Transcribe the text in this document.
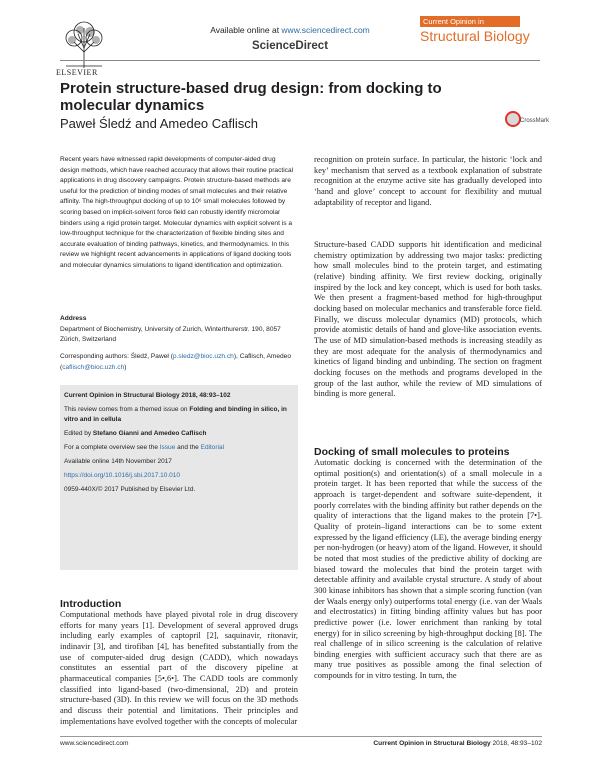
ELSEVIER
Available online at www.sciencedirect.com
ScienceDirect
Current Opinion in
Structural Biology
Protein structure-based drug design: from docking to molecular dynamics
Paweł Śledź and Amedeo Caflisch	CrossMark
Recent years have witnessed rapid developments of computer-aided drug design methods, which have reached accuracy that allows their routine practical applications in drug discovery campaigns. Protein structure-based methods are useful for the prediction of binding modes of small molecules and their relative affinity. The high-throughput docking of up to 10⁶ small molecules followed by scoring based on implicit-solvent force field can robustly identify micromolar binders using a rigid protein target. Molecular dynamics with explicit solvent is a low-throughput technique for the characterization of flexible binding sites and accurate evaluation of binding pathways, kinetics, and thermodynamics. In this review we highlight recent advancements in applications of ligand docking tools and molecular dynamics simulations to ligand identification and optimization.
Address
Department of Biochemistry, University of Zurich, Winterthurerstr. 190, 8057 Zürich, Switzerland
Corresponding authors: Śledź, Paweł (p.sledz@bioc.uzh.ch), Caflisch, Amedeo (caflisch@bioc.uzh.ch)
Current Opinion in Structural Biology 2018, 48:93–102
This review comes from a themed issue on Folding and binding in silico, in vitro and in cellula
Edited by Stefano Gianni and Amedeo Caflisch
For a complete overview see the Issue and the Editorial
Available online 14th November 2017
https://doi.org/10.1016/j.sbi.2017.10.010
0959-440X/© 2017 Published by Elsevier Ltd.
Introduction
Computational methods have played pivotal role in drug discovery efforts for many years [1]. Development of several approved drugs including early examples of captopril [2], saquinavir, ritonavir, indinavir [3], and tirofiban [4], has benefited substantially from the use of computer-aided drug design (CADD), which nowadays constitutes an essential part of the discovery pipeline at pharmaceutical companies [5•,6•]. The CADD tools are commonly classified into ligand-based (two-dimensional, 2D) and protein structure-based (3D). In this review we will focus on the 3D methods and discuss their potential and limitations. Their principles and implementations have evolved together with the concepts of molecular
recognition on protein surface. In particular, the historic ‘lock and key’ mechanism that served as a textbook explanation of substrate recognition at the enzyme active site has gradually developed into ‘hand and glove’ concept to account for flexibility and mutual adaptability of receptor and ligand.
Structure-based CADD supports hit identification and medicinal chemistry optimization by addressing two major tasks: predicting how small molecules bind to the protein target, and estimating (relative) binding affinity. We first review docking, originally inspired by the lock and key concept, which is used for both tasks. We then present a fragment-based method for high-throughput docking based on molecular mechanics and transferable force field. Finally, we discuss molecular dynamics (MD) protocols, which provide atomistic details of hand and glove-like association events. The use of MD simulation-based methods is increasing steadily as they are most adequate for the analysis of thermodynamics and kinetics of ligand binding and unbinding. The section on fragment docking focuses on the methods and programs developed in the group of the last author, while the review of MD simulations of binding is more general.
Docking of small molecules to proteins
Automatic docking is concerned with the determination of the optimal position(s) and orientation(s) of a small molecule in a protein target. It has been reported that while the success of the approach is target-dependent and software suite-dependent, it poorly correlates with the binding affinity but rather depends on the quality of interactions that the ligand makes to the protein [7•]. Quality of protein–ligand interactions can be to some extent expressed by the ligand efficiency (LE), the average binding energy per non-hydrogen (or heavy) atom of the ligand. However, it should be noted that most studies of the predictive ability of docking are biased toward the molecules that bind the protein target with detectable affinity and available crystal structure. A study of about 300 kinase inhibitors has shown that a simple scoring function (van der Waals energy only) outperforms total energy (i.e. van der Waals and electrostatics) in fitting binding affinity values but has poor predictive power (i.e. lower enrichment than ranking by total energy) for in silico screening by high-throughput docking [8]. The real challenge of in silico screening is the calculation of relative binding energies with sufficient accuracy such that there are as many true positives as possible among the final selection of compounds for in vitro testing. In turn, the
www.sciencedirect.com	Current Opinion in Structural Biology 2018, 48:93–102
